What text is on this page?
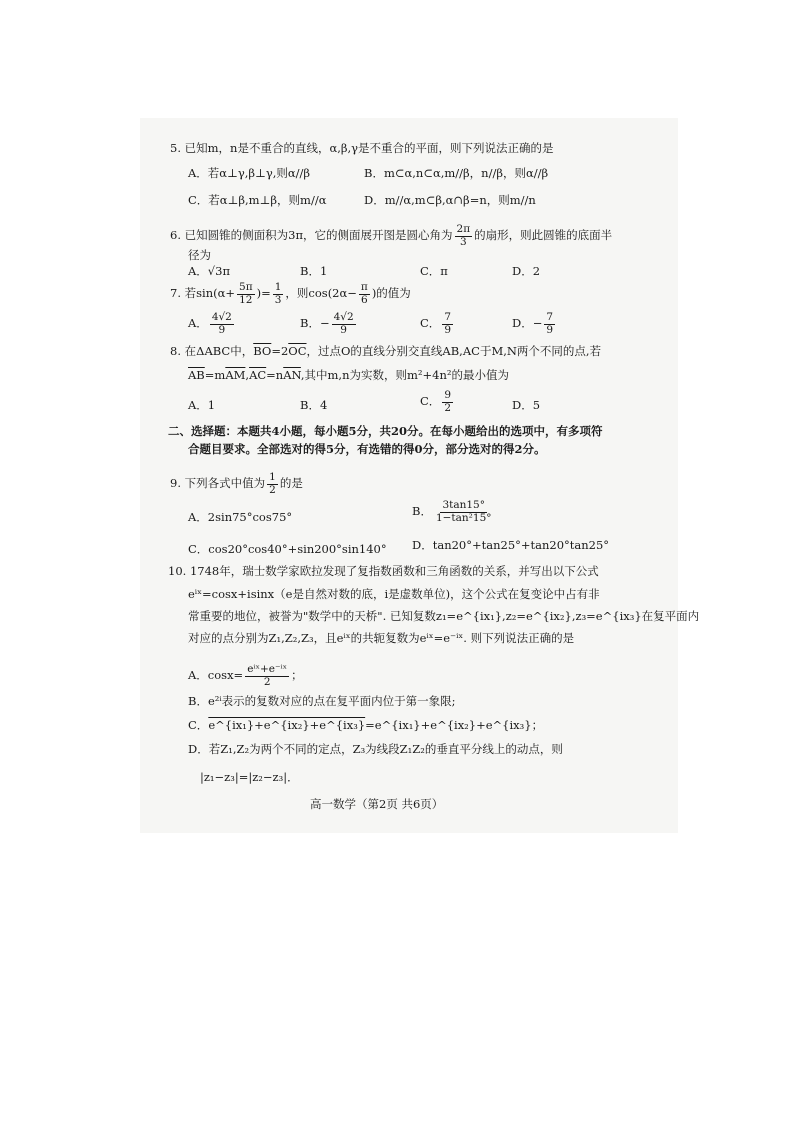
5. 已知m，n是不重合的直线，α,β,γ是不重合的平面，则下列说法正确的是
A．若α⊥γ,β⊥γ,则α//β	B．m⊂α,n⊂α,m//β，n//β，则α//β
C．若α⊥β,m⊥β，则m//α	D．m//α,m⊂β,α∩β=n，则m//n
6. 已知圆锥的侧面积为3π，它的侧面展开图是圆心角为 $\frac{2\pi}{3}$ 的扇形，则此圆锥的底面半
径为
A．√3π	B．1	C．π	D．2
7. 若$\sin(\alpha+ \frac{5\pi}{12}$ )= $\frac{1}{3}$ ，则$\cos(2\alpha- \frac{\pi}{6}$ )的值为
A． $\frac{4√2}{9}$	B．− $\frac{4√2}{9}$	C． $\frac{7}{9}$	D．− $\frac{7}{9}$
8. 在ΔABC中，$\overline{BO}=2\overline{OC}$，过点O的直线分别交直线AB,AC于M,N两个不同的点,若
$\overline{AB}=m\overline{AM},\overline{AC}=n\overline{AN}$,其中m,n为实数，则m²+4n²的最小值为
A．1	B．4	C． $\frac{9}{2}$	D．5
二、选择题：本题共4小题，每小题5分，共20分。在每小题给出的选项中，有多项符
合题目要求。全部选对的得5分，有选错的得0分，部分选对的得2分。
9. 下列各式中值为 $\frac{1}{2}$ 的是
A．2sin75°cos75°	B． $\frac{3\tan 15^\circ}{\text{1−tan²15°}}$
C．cos20°cos40°+sin200°sin140° D．tan20°+tan25°+tan20°tan25°
10. 1748年，瑞士数学家欧拉发现了复指数函数和三角函数的关系，并写出以下公式
eⁱˣ=cosx+isinx（e是自然对数的底，i是虚数单位)，这个公式在复变论中占有非
常重要的地位，被誉为"数学中的天桥". 已知复数z₁=e^{ix₁},z₂=e^{ix₂},z₃=e^{ix₃}在复平面内
对应的点分别为Z₁,Z₂,Z₃，且eⁱˣ的共轭复数为eⁱˣ=e⁻ⁱˣ. 则下列说法正确的是
A．$\cos x= \frac{\text{eⁱˣ+e⁻ⁱˣ}}{2}$ ；
B．e²ⁱ表示的复数对应的点在复平面内位于第一象限;
C．e^{ix₁}+e^{ix₂}+e^{ix₃}=e^{ix₁}+e^{ix₂}+e^{ix₃}；
D．若Z₁,Z₂为两个不同的定点，Z₃为线段Z₁Z₂的垂直平分线上的动点，则
|z₁−z₃|=|z₂−z₃|．
高一数学（第2页 共6页）
